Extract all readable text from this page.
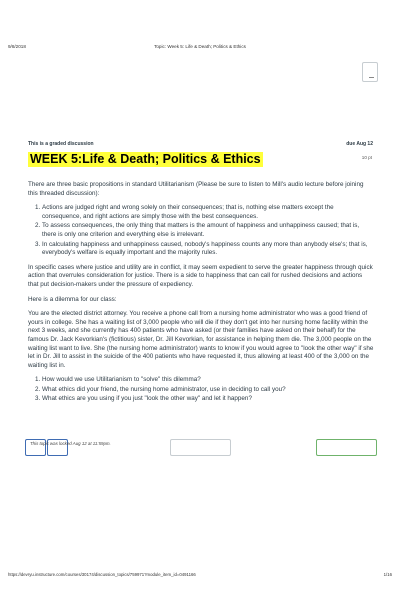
9/8/2018	Topic: Week 5: Life & Death; Politics & Ethics
This is a graded discussion	due Aug 12
WEEK 5:Life & Death; Politics & Ethics	10 pt

There are three basic propositions in standard Utilitarianism (Please be sure to listen to Mill's audio lecture before joining this threaded discussion):

1. Actions are judged right and wrong solely on their consequences; that is, nothing else matters except the consequence, and right actions are simply those with the best consequences.
2. To assess consequences, the only thing that matters is the amount of happiness and unhappiness caused; that is, there is only one criterion and everything else is irrelevant.
3. In calculating happiness and unhappiness caused, nobody's happiness counts any more than anybody else's; that is, everybody's welfare is equally important and the majority rules.

In specific cases where justice and utility are in conflict, it may seem expedient to serve the greater happiness through quick action that overrules consideration for justice. There is a side to happiness that can call for rushed decisions and actions that put decision-makers under the pressure of expediency.

Here is a dilemma for our class:

You are the elected district attorney. You receive a phone call from a nursing home administrator who was a good friend of yours in college. She has a waiting list of 3,000 people who will die if they don't get into her nursing home facility within the next 3 weeks, and she currently has 400 patients who have asked (or their families have asked on their behalf) for the famous Dr. Jack Kevorkian's (fictitious) sister, Dr. Jill Kevorkian, for assistance in helping them die. The 3,000 people on the waiting list want to live. She (the nursing home administrator) wants to know if you would agree to "look the other way" if she let in Dr. Jill to assist in the suicide of the 400 patients who have requested it, thus allowing at least 400 of the 3,000 on the waiting list in.

1. How would we use Utilitarianism to "solve" this dilemma?
2. What ethics did your friend, the nursing home administrator, use in deciding to call you?
3. What ethics are you using if you just "look the other way" and let it happen?
This topic was locked Aug 12 at 11:59pm.
https://devryu.instructure.com/courses/30174/discussion_topics/759971?module_item_id=0491166	1/16
